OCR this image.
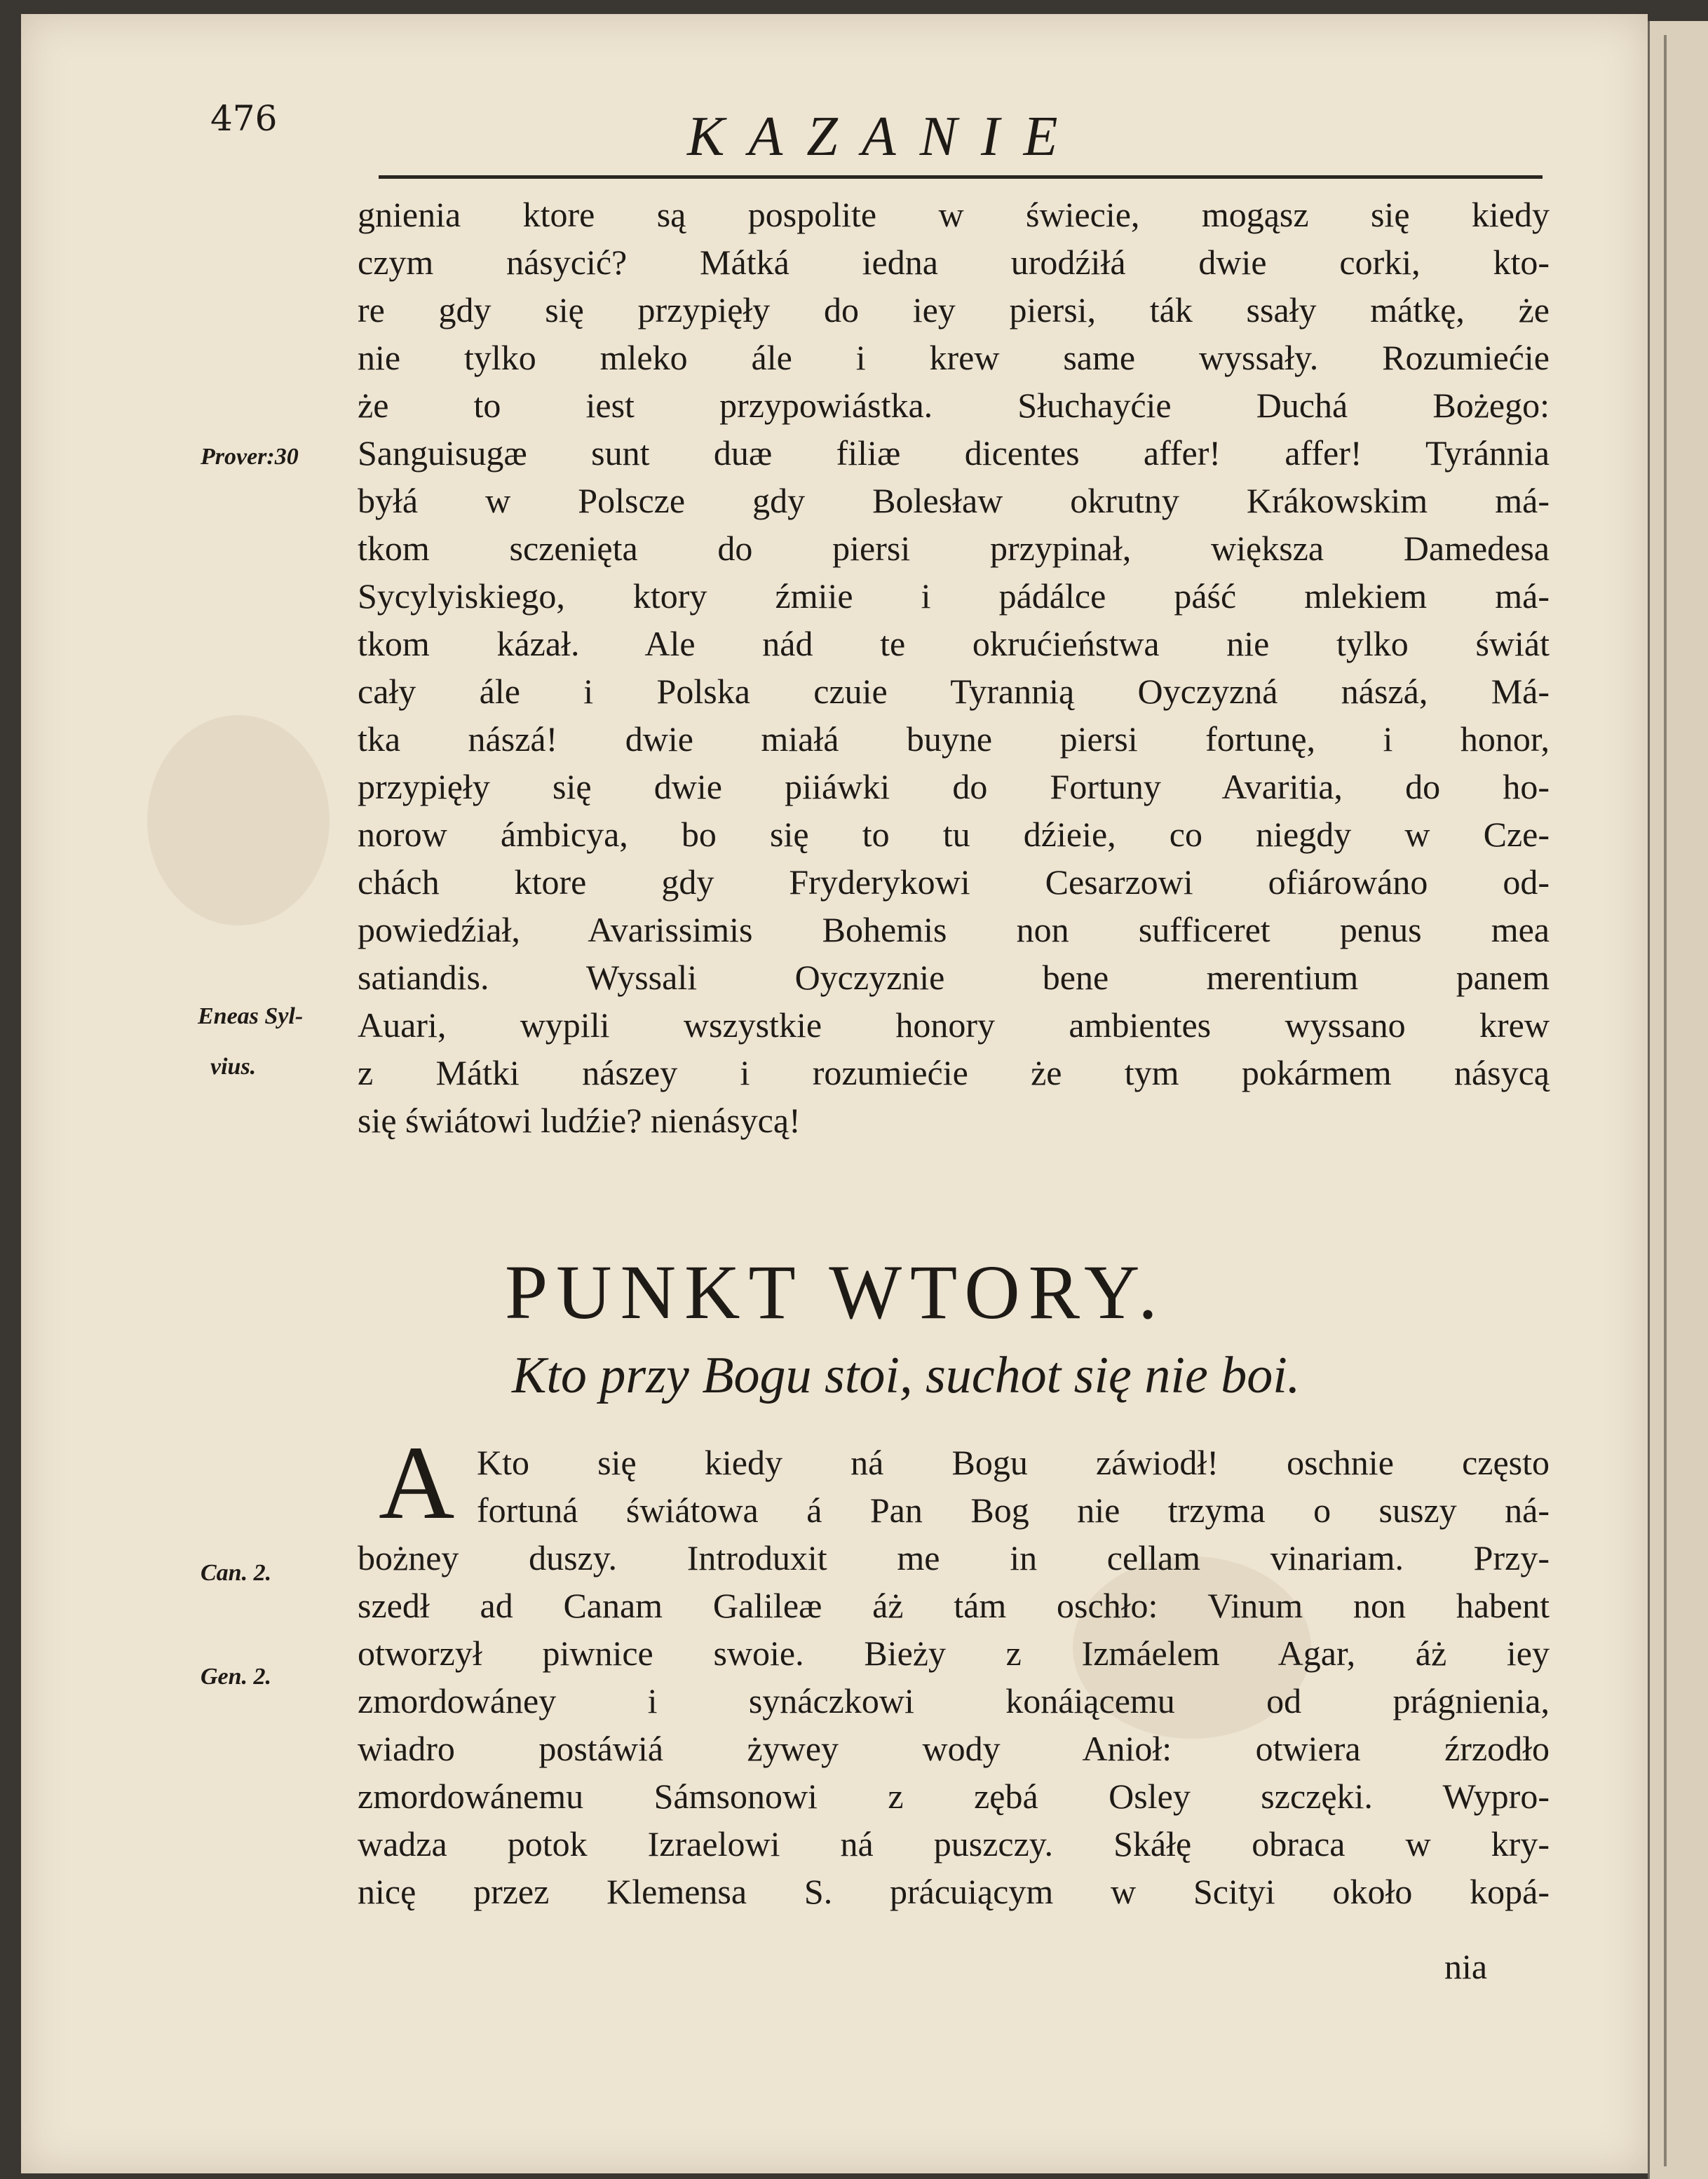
476	KAZANIE
Prover:30
Eneas Syl-
vius.
Can. 2.
Gen. 2.
gnienia ktore są pospolite w świecie, mogąsz się kiedy
czym násycić? Mátká iedna urodźiłá dwie corki, kto-
re gdy się przypięły do iey piersi, ták ssały mátkę, że
nie tylko mleko ále i krew same wyssały. Rozumiećie
że to iest przypowiástka. Słuchayćie Duchá Bożego:
Sanguisugæ sunt duæ filiæ dicentes affer! affer! Tyránnia
byłá w Polscze gdy Bolesław okrutny Krákowskim má-
tkom sczenięta do piersi przypinał, większa Damedesa
Sycylyiskiego, ktory źmiie i pádálce páść mlekiem má-
tkom kázał. Ale nád te okrućieństwa nie tylko świát
cały ále i Polska czuie Tyrannią Oyczyzná nászá, Má-
tka nászá! dwie miałá buyne piersi fortunę, i honor,
przypięły się dwie piiáwki do Fortuny Avaritia, do ho-
norow ámbicya, bo się to tu dźieie, co niegdy w Cze-
chách ktore gdy Fryderykowi Cesarzowi ofiárowáno od-
powiedźiał, Avarissimis Bohemis non sufficeret penus mea
satiandis. Wyssali Oyczyznie bene merentium panem
Auari, wypili wszystkie honory ambientes wyssano krew
z Mátki nászey i rozumiećie że tym pokármem násycą
się świátowi ludźie? nienásycą!
PUNKT WTORY.
Kto przy Bogu stoi, suchot się nie boi.
A Kto się kiedy ná Bogu záwiodł! oschnie często
fortuná świátowa á Pan Bog nie trzyma o suszy ná-
bożney duszy. Introduxit me in cellam vinariam. Przy-
szedł ad Canam Galileæ áż tám oschło: Vinum non habent
otworzył piwnice swoie. Bieży z Izmáelem Agar, áż iey
zmordowáney i synáczkowi konáiącemu od prágnienia,
wiadro postáwiá żywey wody Anioł: otwiera źrzodło
zmordowánemu Sámsonowi z zębá Osley szczęki. Wypro-
wadza potok Izraelowi ná puszczy. Skáłę obraca w kry-
nicę przez Klemensa S. prácuiącym w Scityi około kopá-
nia
